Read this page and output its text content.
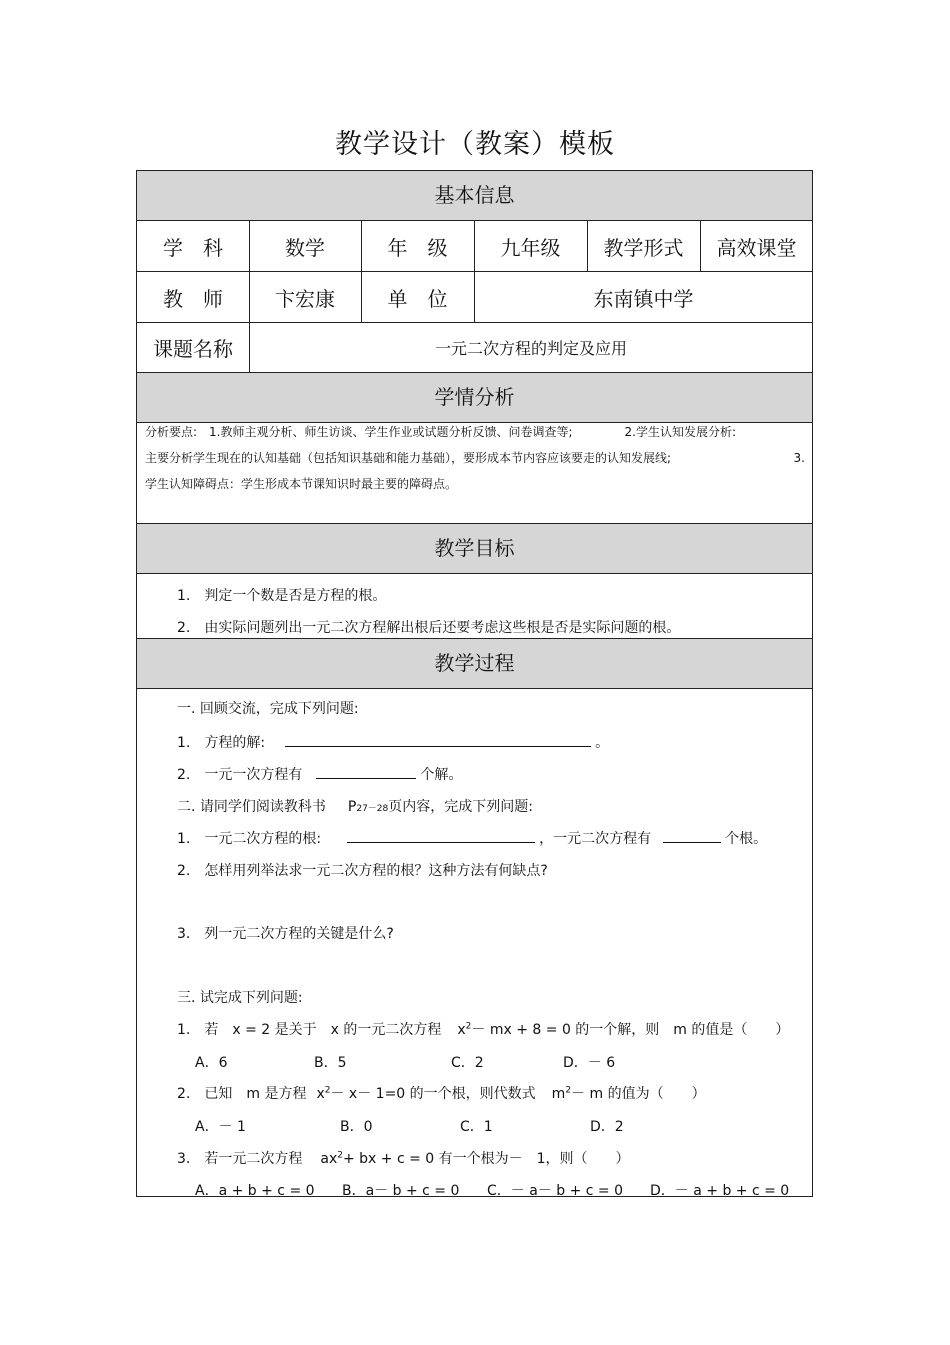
教学设计（教案）模板
基本信息
学　科	数学	年　级	九年级	教学形式	高效课堂
教　师	卞宏康	单　位	东南镇中学
课题名称	一元二次方程的判定及应用
学情分析
分析要点:　1.教师主观分析、师生访谈、学生作业或试题分析反馈、问卷调查等;	2.学生认知发展分析:
主要分析学生现在的认知基础（包括知识基础和能力基础），要形成本节内容应该要走的认知发展线;	3.
学生认知障碍点：学生形成本节课知识时最主要的障碍点。
教学目标
1.　判定一个数是否是方程的根。
2.　由实际问题列出一元二次方程解出根后还要考虑这些根是否是实际问题的根。
教学过程
一. 回顾交流，完成下列问题:
1.　方程的解:	。
2.　一元一次方程有	个解。
二. 请同学们阅读教科书 P27－28页内容，完成下列问题:
1.　一元二次方程的根:	，一元二次方程有	个根。
2.　怎样用列举法求一元二次方程的根？这种方法有何缺点?
3.　列一元二次方程的关键是什么?
三. 试完成下列问题:
1.　若　x = 2 是关于　x 的一元二次方程 $x^2-$ mx + 8 = 0 的一个解，则　m 的值是（　　）
A．6	B．5	C．2	D．－ 6
2.　已知　m 是方程 $x^2- x- 1=0$ 的一个根，则代数式 $m^2- m$ 的值为（　　）
A．－ 1	B．0	C．1	D．2
3.　若一元二次方程 $ax^2+$ bx + c = 0 有一个根为－　1，则（　　）
A．a + b + c = 0 B．a－ b + c = 0 C．－ a－ b + c = 0 D．－ a + b + c = 0
